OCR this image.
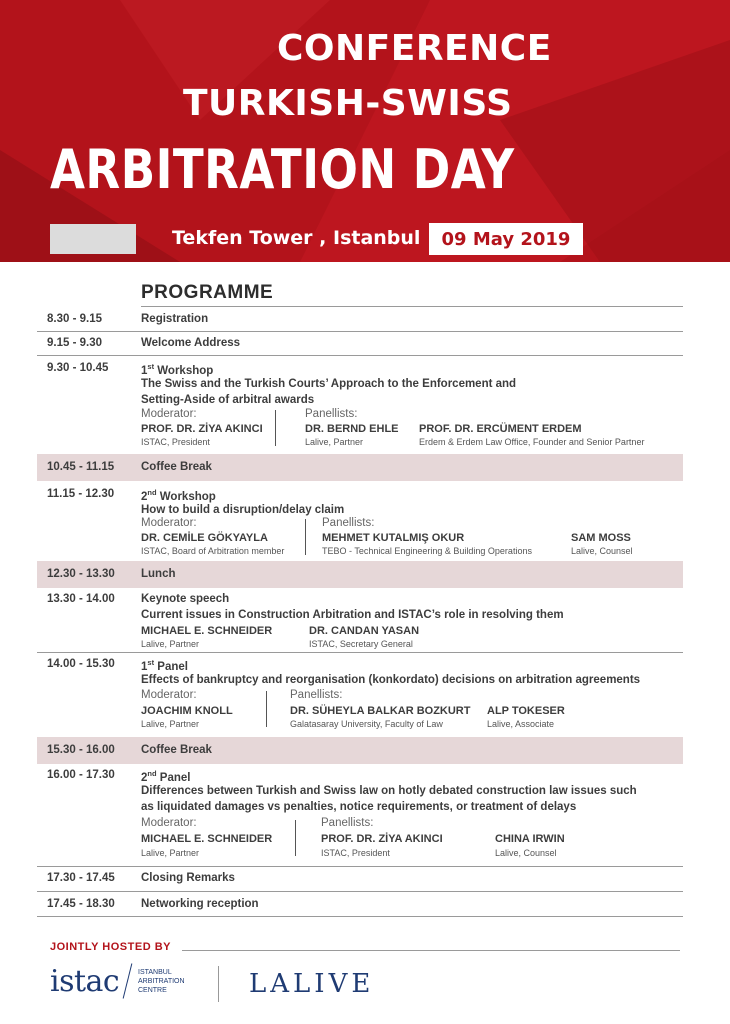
CONFERENCE
TURKISH-SWISS
ARBITRATION DAY
Tekfen Tower , Istanbul 09 May 2019
PROGRAMME
8.30 - 9.15	Registration
9.15 - 9.30	Welcome Address
9.30 - 10.45	1st Workshop
The Swiss and the Turkish Courts’ Approach to the Enforcement and
Setting-Aside of arbitral awards
Moderator:	Panellists:
PROF. DR. ZİYA AKINCI
ISTAC, President
DR. BERND EHLE
Lalive, Partner
PROF. DR. ERCÜMENT ERDEM
Erdem & Erdem Law Office, Founder and Senior Partner
10.45 - 11.15 Coffee Break
11.15 - 12.30 2nd Workshop
How to build a disruption/delay claim
Moderator:	Panellists:
DR. CEMİLE GÖKYAYLA
ISTAC, Board of Arbitration member
MEHMET KUTALMIŞ OKUR
TEBO - Technical Engineering & Building Operations
SAM MOSS
Lalive, Counsel
12.30 - 13.30 Lunch
13.30 - 14.00 Keynote speech
Current issues in Construction Arbitration and ISTAC’s role in resolving them
MICHAEL E. SCHNEIDER
Lalive, Partner
DR. CANDAN YASAN
ISTAC, Secretary General
14.00 - 15.30 1st Panel
Effects of bankruptcy and reorganisation (konkordato) decisions on arbitration agreements
Moderator:	Panellists:
JOACHIM KNOLL
Lalive, Partner
DR. SÜHEYLA BALKAR BOZKURT
Galatasaray University, Faculty of Law
ALP TOKESER
Lalive, Associate
15.30 - 16.00 Coffee Break
16.00 - 17.30 2nd Panel
Differences between Turkish and Swiss law on hotly debated construction law issues such
as liquidated damages vs penalties, notice requirements, or treatment of delays
Moderator:	Panellists:
MICHAEL E. SCHNEIDER
Lalive, Partner
PROF. DR. ZİYA AKINCI
ISTAC, President
CHINA IRWIN
Lalive, Counsel
17.30 - 17.45 Closing Remarks
17.45 - 18.30 Networking reception
JOINTLY HOSTED BY
istac	ISTANBUL
ARBITRATION
CENTRE	LALIVE
